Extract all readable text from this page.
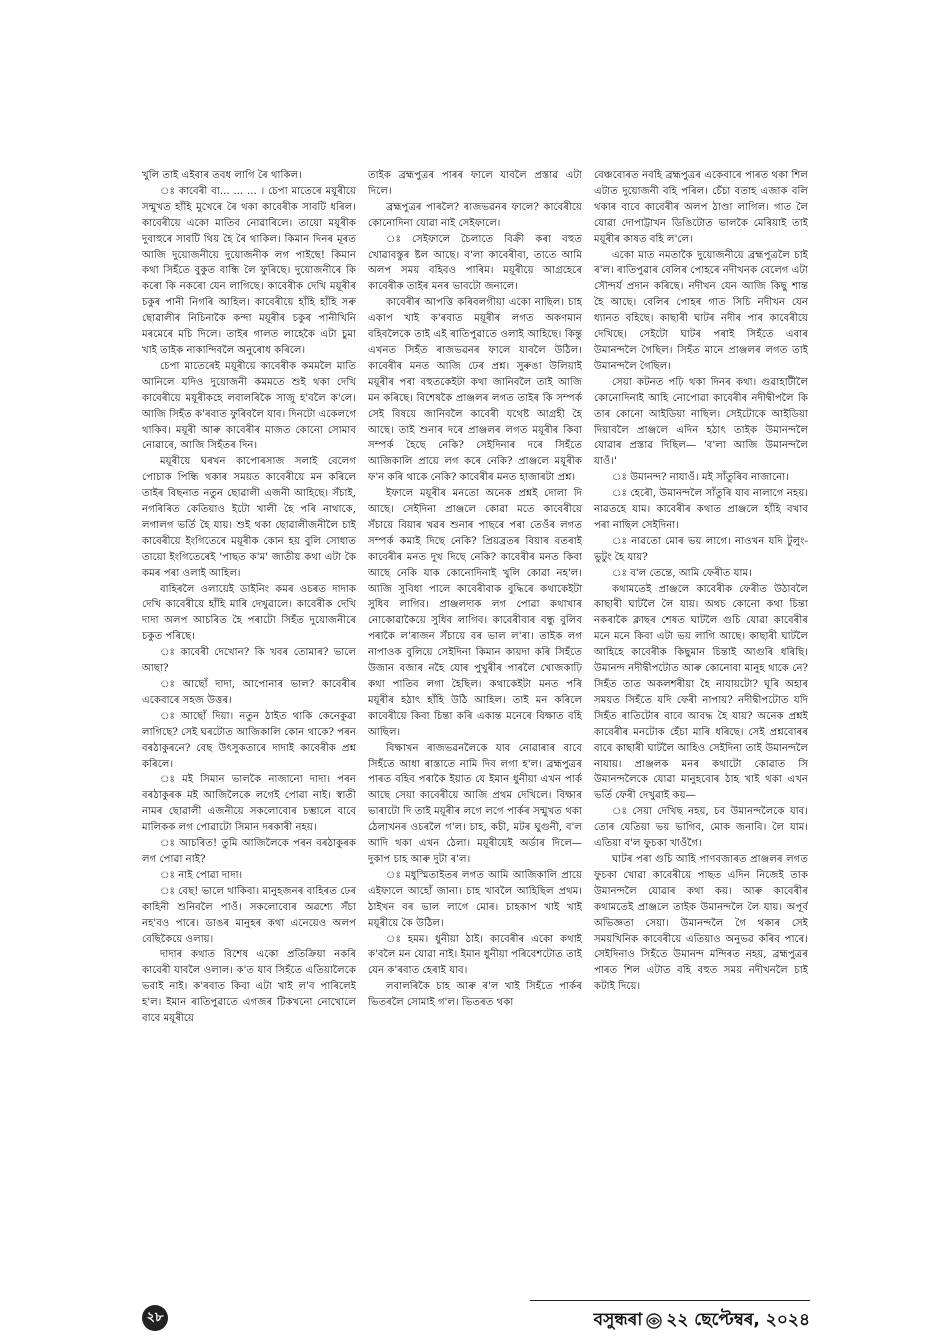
খুলি তাই এইবাৰ তবধ লাগি ৰৈ থাকিল।

ঃ কাবেৰী বা... ... ... । চেপা মাতেৰে ময়ূৰীয়ে সন্মুখত হাঁহি মুখেৰে ৰৈ থকা কাবেৰীক সাবটি ধৰিল। কাবেৰীয়ে একো মাতিব নোৱাৰিলে। তায়ো ময়ূৰীক দুবাহুৰে সাবটি থিয় হৈ ৰৈ থাকিল। কিমান দিনৰ মূৰত আজি দুয়োজনীয়ে দুয়োজনীক লগ পাইছে! কিমান কথা সিহঁতে বুকুত বান্ধি লৈ ফুৰিছে। দুয়োজনীৰে কি কৰো কি নকৰো যেন লাগিছে। কাবেৰীক দেখি ময়ূৰীৰ চকুৰ পানী নিগৰি আহিল। কাবেৰীয়ে হাঁহি হাঁহি সৰু ছোৱালীৰ নিচিনাকৈ কন্দা ময়ূৰীৰ চকুৰ পানীখিনি মৰমেৰে মচি দিলে। তাইৰ গালত লাহেকৈ এটা চুমা খাই তাইক নাকান্দিবলৈ অনুৰোধ কৰিলে।

চেপা মাতেৰেই ময়ূৰীয়ে কাবেৰীক কমমলৈ মাতি আনিলে যদিও দুয়োজনী কমমতে শুই থকা দেখি কাবেৰীয়ে ময়ূৰীকহে লবালৰিকৈ সাজু হ'বলৈ ক'লে। আজি সিহঁত ক'ৰবাত ফুৰিবলৈ যাব। দিনটো একেলগে থাকিব। ময়ূৰী আৰু কাবেৰীৰ মাজত কোনো সোমাব নোৱাৰে, আজি সিহঁতৰ দিন।

ময়ূৰীয়ে ঘৰখন কাপোৰসাজ সলাই বেলেগ পোচাক পিন্ধি থকাৰ সময়ত কাবেৰীয়ে মন কৰিলে তাইৰ বিছনাত নতুন ছোৱালী এজনী আহিছে। সঁচাই, নগৰিৰিত কেতিয়াও ইটো খালী হৈ পৰি নাথাকে, লগালগ ভৰ্তি হৈ যায়। শুই থকা ছোৱালীজনীলৈ চাই কাবেৰীয়ে ইংগিতেৰে ময়ূৰীক কোন হয় বুলি সোধাত তায়ো ইংগিতেৰেই 'পাছত ক'ম' জাতীয় কথা এটা কৈ কমৰ পৰা ওলাই আহিল।

বাহিৰলৈ ওলায়েই ডাইনিং কমৰ ওচৰত দাদাক দেখি কাবেৰীয়ে হাঁহি মাৰি দেখুৱালে। কাবেৰীক দেখি দাদা অলপ আচৰিত হৈ পৰাটো সিহঁত দুয়োজনীৰে চকুত পৰিছে।

ঃ কাবেৰী দেখোন? কি খবৰ তোমাৰ? ভালে আছা?

ঃ আছোঁ দাদা, আপোনাৰ ভাল? কাবেৰীৰ একেবাৰে সহজ উত্তৰ।

ঃ আছোঁ দিয়া। নতুন ঠাইত থাকি কেনেকুৱা লাগিছে? সেই ঘৰটোত আজিকালি কোন থাকে? পৰন বৰঠাকুৰনে? বেছ উৎসুকতাৰে দাদাই কাবেৰীক প্ৰশ্ন কৰিলে।

ঃ মই সিমান ভালকৈ নাজানো দাদা। পৰন বৰঠাকুৰক মই আজিলৈকে লগেই পোৱা নাই। স্বাতী নামৰ ছোৱালী এজনীয়ে সকলোবোৰ চম্ভালে বাবে মালিকক লগ পোৱাটো সিমান দৰকাৰী নহয়।

ঃ আচৰিত! তুমি আজিলৈকে পৰন বৰঠাকুৰক লগ পোৱা নাই?

ঃ নাই পোৱা দাদা।

ঃ বেছ! ভালে থাকিবা। মানুহজনৰ বাহিৰত ঢেৰ কাহিনী শুনিবলৈ পাওঁ। সকলোবোৰ অৱশ্যে সঁচা নহ'বও পাৰে। ডাঙৰ মানুহৰ কথা এনেয়েও অলপ বেছিকৈয়ে ওলায়।

দাদাৰ কথাত বিশেষ একো প্ৰতিক্ৰিয়া নকৰি কাবেৰী যাবলৈ ওলাল। ক'ত যাব সিহঁতে এতিয়ালৈকে ভবাই নাই। ক'ৰবাত কিবা এটা খাই ল'ব পাৰিলেই হ'ল। ইমান ৰাতিপুৱাতে এগজৰ টিকখনো নোখোলে বাবে ময়ূৰীয়ে

তাইক ব্ৰহ্মপুত্ৰৰ পাৰৰ ফালে যাবলৈ প্ৰস্তাৱ এটা দিলে।

ব্ৰহ্মপুত্ৰৰ পাৰলৈ? ৰাজভৱনৰ ফালে? কাবেৰীয়ে কোনোদিনা যোৱা নাই সেইফালে।

ঃ সেইফালে চৈলাতে বিক্ৰী কৰা বহুত খোৱাবস্তুৰ ষ্টল আছে। ব'লা কাবেৰীবা, তাতে আমি অলপ সময় বহিবও পাৰিম। ময়ূৰীয়ে আগ্ৰহেৰে কাবেৰীক তাইৰ মনৰ ভাবটো জনালে।

কাবেৰীৰ আপত্তি কৰিবলগীয়া একো নাছিল। চাহ একাপ খাই ক'ৰবাত ময়ূৰীৰ লগত অকণমান বহিবলৈকে তাই এই ৰাতিপুৱাতে ওলাই আহিছে। কিন্তু এখনত সিহঁত ৰাজভৱনৰ ফালে যাবলৈ উঠিল। কাবেৰীৰ মনত আজি ঢেৰ প্ৰশ্ন। সুৰুঙা উলিয়াই ময়ূৰীৰ পৰা বহুতকেইটা কথা জানিবলৈ তাই আজি মন কৰিছে। বিশেষকৈ প্ৰাঞ্জলৰ লগত তাইৰ কি সম্পৰ্ক সেই বিষয়ে জানিবলৈ কাবেৰী যথেষ্ট আগ্ৰহী হৈ আছে। তাই শুনাৰ দৰে প্ৰাঞ্জলৰ লগত ময়ূৰীৰ কিবা সম্পৰ্ক হৈছে নেকি? সেইদিনাৰ দৰে সিহঁতে আজিকালি প্ৰায়ে লগ কৰে নেকি? প্ৰাঞ্জলে ময়ূৰীক ফ'ন কৰি থাকে নেকি? কাবেৰীৰ মনত হাজাৰটা প্ৰশ্ন।

ইফালে ময়ূৰীৰ মনতো অনেক প্ৰশ্নই দোলা দি আছে। সেইদিনা প্ৰাঞ্জলে কোৱা মতে কাবেৰীয়ে সঁচায়ে বিয়াৰ খৱৰ শুনাৰ পাছৰে পৰা তেওঁৰ লগত সম্পৰ্ক কমাই দিছে নেকি? প্ৰিয়ব্ৰতৰ বিয়াৰ বতৰাই কাবেৰীৰ মনত দুখ দিছে নেকি? কাবেৰীৰ মনত কিবা আছে নেকি যাক কোনোদিনাই খুলি কোৱা নহ'ল। আজি সুবিধা পালে কাবেৰীবাক বুদ্ধিৰে কথাকেইটা সুধিব লাগিব। প্ৰাঞ্জলদাক লগ পোৱা কথাখাৰ নোকোৱাকৈয়ে সুধিব লাগিব। কাবেৰীবাৰ বন্ধু বুলিব পৰাকৈ ল'ৰাজন সঁচায়ে বৰ ভাল ল'ৰা। তাইক লগ নাপাওক বুলিয়ে সেইদিনা কিমান কায়দা কৰি সিহঁতে উজান বজাৰ নহৈ যোৰ পুখুৰীৰ পাৰলৈ খোজকাঢ়ি কথা পাতিব লগা হৈছিল। কথাকেইটা মনত পৰি ময়ূৰীৰ হঠাৎ হাঁহি উঠি আহিল। তাই মন কৰিলে কাবেৰীয়ে কিবা চিন্তা কৰি একান্ত মনেৰে বিক্ষাত বহি আছিল।

বিক্ষাখন ৰাজভৱনলৈকে যাব নোৱাৰাৰ বাবে সিহঁতে আধা ৰাস্তাতে নামি দিব লগা হ'ল। ব্ৰহ্মপুত্ৰৰ পাৰত বহিব পৰাকৈ ইয়াত যে ইমান ধুনীয়া এখন পাৰ্ক আছে সেয়া কাবেৰীয়ে আজি প্ৰথম দেখিলে। বিক্ষাৰ ভাৰাটো দি তাই ময়ূৰীৰ লগে লগে পাৰ্কৰ সন্মুখত থকা ঠেলাখনৰ ওচৰলৈ গ'ল। চাহ, কচী, মটৰ ঘুগুনী, ব'ল আদি থকা এখন ঠেলা। ময়ূৰীয়েই অৰ্ডাৰ দিলে— দুকাপ চাহ আৰু দুটা ৰ'ল।

ঃ মধুস্মিতাইতৰ লগত আমি আজিকালি প্ৰায়ে এইফালে আহোঁ জানা। চাহ খাবলৈ আহিছিল প্ৰথম। ঠাইখন বৰ ভাল লাগে মোৰ। চাহকাপ খাই খাই ময়ূৰীয়ে কৈ উঠিল।

ঃ হমম। ধুনীয়া ঠাই। কাবেৰীৰ একো কথাই ক'বলৈ মন যোৱা নাই। ইমান ধুনীয়া পৰিবেশটোত তাই যেন ক'ৰবাত হেৰাই যাব।

লবালৰিকৈ চাহ আৰু ৰ'ল খাই সিহঁতে পাৰ্কৰ ভিতৰলৈ সোমাই গ'ল। ভিতৰত থকা

বেঞ্চবোৰত নবহি ব্ৰহ্মপুত্ৰৰ একেবাৰে পাৰত থকা শিল এটাত দুয়োজনী বহি পৰিল। চেঁচা বতাহ এজাক বলি থকাৰ বাবে কাবেৰীৰ অলপ ঠাণ্ডা লাগিল। গাত লৈ যোৱা দোপাট্টাখন ডিঙিটোত ভালকৈ মেৰিয়াই তাই ময়ূৰীৰ কাষত বহি ল'লে।

একো মাত নমতাকৈ দুয়োজনীয়ে ব্ৰহ্মপুত্ৰলৈ চাই ৰ'ল। ৰাতিপুৱাৰ বেলিৰ পোহৰে নদীখনক বেলেগ এটা সৌন্দৰ্য প্ৰদান কৰিছে। নদীখন যেন আজি কিছু শান্ত হৈ আছে। বেলিৰ পোহৰ গাত সিচি নদীখন যেন ধ্যানত বহিছে। কাছাৰী ঘাটৰ নদীৰ পাৰ কাবেৰীয়ে দেখিছে। সেইটো ঘাটৰ পৰাই সিহঁতে এবাৰ উমানন্দলৈ গৈছিল। সিহঁত মানে প্ৰাঞ্জলৰ লগত তাই উমানন্দলৈ গৈছিল।

সেয়া কটনত পঢ়ি থকা দিনৰ কথা। গুৱাহাটীলৈ কোনোদিনাই আহি নোপোৱা কাবেৰীৰ নদীদ্বীপলৈ কি তাৰ কোনো আইডিয়া নাছিল। সেইটোকে আইডিয়া দিয়াবলৈ প্ৰাঞ্জলে এদিন হঠাৎ তাইক উমানন্দলৈ যোৱাৰ প্ৰস্তাৱ দিছিল— 'ব'লা আজি উমানন্দলৈ যাওঁ।'

ঃ উমানন্দ? নাযাওঁ। মই সাঁতুৰিব নাজানো।

ঃ হেৰৌ, উমানন্দলৈ সাঁতুৰি যাব নালাগে নহয়। নাৱতহে যাম। কাবেৰীৰ কথাত প্ৰাঞ্জলে হাঁহি বখাব পৰা নাছিল সেইদিনা।

ঃ নাৱতো মোৰ ভয় লাগে। নাওখন যদি টুলুং-ভুটুং হৈ যায়?

ঃ ব'ল তেন্তে, আমি ফেৰীত যাম।

কথামতেই প্ৰাঞ্জলে কাবেৰীক ফেৰীত উঠাবলৈ কাছাৰী ঘাটলৈ লৈ যায়। অথচ কোনো কথা চিন্তা নকৰাকৈ ক্লাছৰ শেষত ঘাটলৈ গুচি যোৱা কাবেৰীৰ মনে মনে কিবা এটা ভয় লাগি আছে। কাছাৰী ঘাটলৈ আহিহে কাবেৰীক কিছুমান চিন্তাই আগুৰি ধৰিছি। উমানন্দ নদীদ্বীপটোত আৰু কোনোবা মানুহ থাকে নে? সিহঁত তাত অকলশৰীয়া হৈ নাযায়টো? ঘূৰি অহাৰ সময়ত সিহঁতে যদি ফেৰী নাপায়? নদীদ্বীপটোত যদি সিহঁত ৰাতিটোৰ বাবে আবদ্ধ হৈ যায়? অনেক প্ৰশ্নই কাবেৰীৰ মনটোক হেঁচা মাৰি ধৰিছে। সেই প্ৰশ্নবোৰৰ বাবে কাছাৰী ঘাটলৈ আহিও সেইদিনা তাই উমানন্দলৈ নাযায়। প্ৰাঞ্জলক মনৰ কথাটো কোৱাত সি উমানন্দলৈকে যোৱা মানুহবোৰ ঠাহ খাই থকা এখন ভৰ্তি ফেৰী দেখুৱাই কয়—

ঃ সেয়া দেখিছ নহয়, চব উমানন্দলৈকে যাব। তোৰ যেতিয়া ভয় ভাগিব, মোক জনাবি। লৈ যাম। এতিয়া ব'ল ফুচকা খাওঁগৈ।

ঘাটৰ পৰা গুচি আহি পাণবজাৰত প্ৰাঞ্জলৰ লগত ফুচকা খোৱা কাবেৰীয়ে পাছত এদিন নিজেই তাক উমানন্দলৈ যোৱাৰ কথা কয়। আৰু কাবেৰীৰ কথামতেই প্ৰাঞ্জলে তাইক উমানন্দলৈ লৈ যায়। অপূৰ্ব অভিজ্ঞতা সেয়া। উমানন্দলৈ গৈ থকাৰ সেই সময়খিনিক কাবেৰীয়ে এতিয়াও অনুভৱ কৰিব পাৰে। সেইদিনাও সিহঁতে উমানন্দ মন্দিৰত নহয়, ব্ৰহ্মপুত্ৰৰ পাৰত শিল এটাত বহি বহুত সময় নদীখনলৈ চাই কটাই দিয়ে।

২৮	বসুন্ধৰা ২২ ছেপ্টেম্বৰ, ২০২৪
